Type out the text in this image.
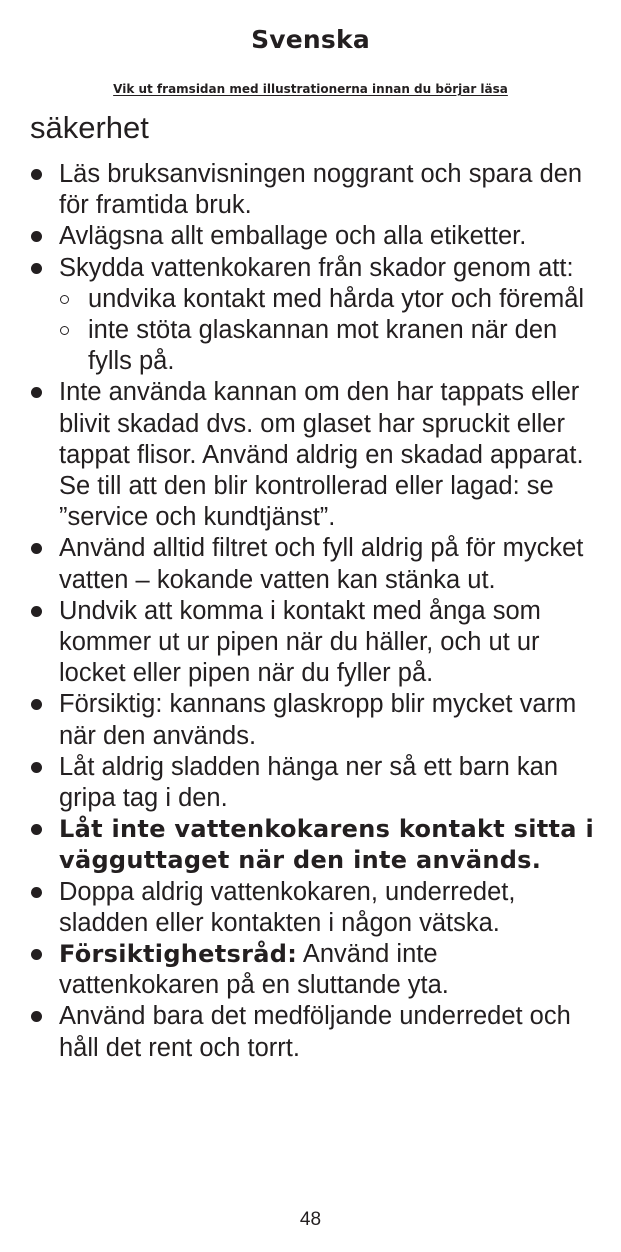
Svenska
Vik ut framsidan med illustrationerna innan du börjar läsa
säkerhet
Läs bruksanvisningen noggrant och spara den för framtida bruk.
Avlägsna allt emballage och alla etiketter.
Skydda vattenkokaren från skador genom att:
undvika kontakt med hårda ytor och föremål
inte stöta glaskannan mot kranen när den fylls på.
Inte använda kannan om den har tappats eller blivit skadad dvs. om glaset har spruckit eller tappat flisor. Använd aldrig en skadad apparat. Se till att den blir kontrollerad eller lagad: se ”service och kundtjänst”.
Använd alltid filtret och fyll aldrig på för mycket vatten – kokande vatten kan stänka ut.
Undvik att komma i kontakt med ånga som kommer ut ur pipen när du häller, och ut ur locket eller pipen när du fyller på.
Försiktig: kannans glaskropp blir mycket varm när den används.
Låt aldrig sladden hänga ner så ett barn kan gripa tag i den.
Låt inte vattenkokarens kontakt sitta i vägguttaget när den inte används.
Doppa aldrig vattenkokaren, underredet, sladden eller kontakten i någon vätska.
Försiktighetsråd: Använd inte vattenkokaren på en sluttande yta.
Använd bara det medföljande underredet och håll det rent och torrt.
48
